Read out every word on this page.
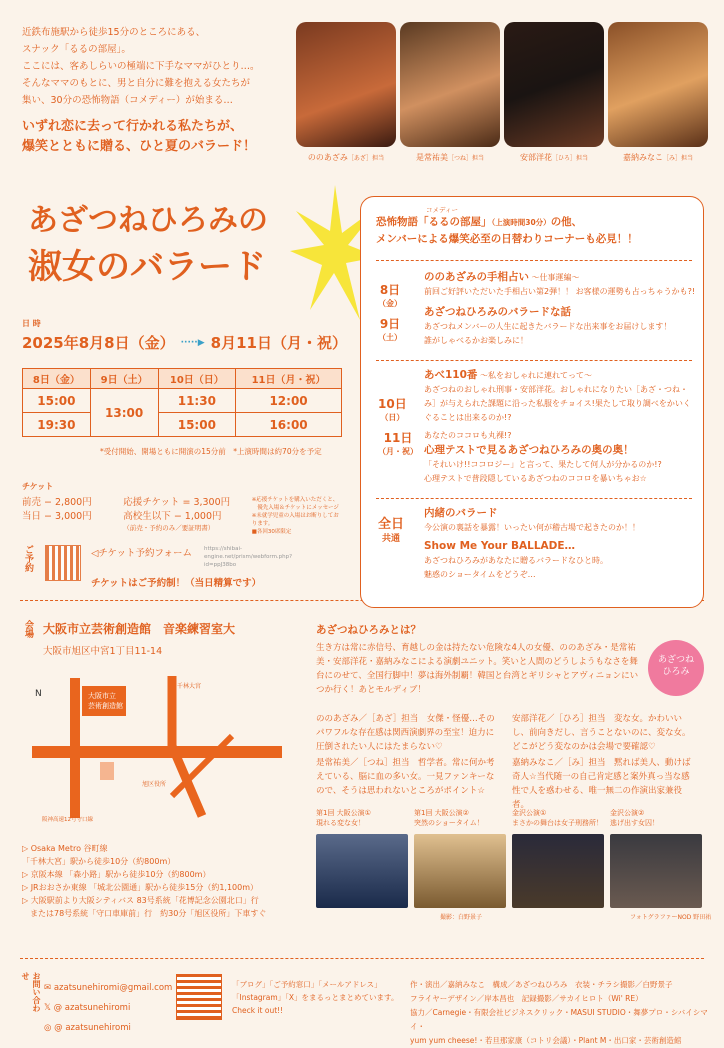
近鉄布施駅から徒歩15分のところにある、

スナック「るるの部屋」。

ここには、客あしらいの極端に下手なママがひとり…。

そんなママのもとに、男と自分に難を抱える女たちが

集い、30分の恐怖物語（コメディー）が始まる…

いずれ恋に去って行かれる私たちが、

爆笑とともに贈る、ひと夏のバラード！

ののあざみ［あざ］担当	是常祐美［つね］担当	安部洋花［ひろ］担当	嘉納みなこ［み］担当
あざつねひろみの
淑女のバラード
日 時
2025年8月8日（金） ·····▶ 8月11日（月・祝）
8日（金）	9日（土）	10日（日）	11日（月・祝）
15:00	13:00	11:30	12:00
19:30		15:00	16:00
*受付開始、開場ともに開演の15分前　*上演時間は約70分を予定
チケット
前売 − 2,800円
当日 − 3,000円
応援チケット = 3,300円
高校生以下 − 1,000円
（前売・予約のみ／要証明書）
※応援チケットを購入いただくと、
　優先入場＆チケットにメッセージ
※未就学児童の入場はお断りしております。
■各回30席限定
ご予約	◁チケット予約フォーム https://shibai-engine.net/prism/webform.php?id=ppJ38bo
チケットはご予約制！（当日精算です）
会場 大阪市立芸術創造館　 音楽練習室大
大阪市旭区中宮1丁目11-14
N	大阪市立
芸術創造館
千林大宮
旭区役所
阪神高速12号守口線
▷ Osaka Metro 谷町線
「千林大宮」駅から徒歩10分（約800m）
▷ 京阪本線 「森小路」駅から徒歩10分（約800m）
▷ JRおおさか東線 「城北公園通」駅から徒歩15分（約1,100m）
▷ 大阪駅前より大阪シティバス 83号系統「花博記念公園北口」行
　または78号系統「守口車庫前」行　約30分「旭区役所」下車すぐ
コメディー
恐怖物語「るるの部屋」（上演時間30分）の他、
メンバーによる爆笑必至の日替わりコーナーも必見！！
8日
（金）
9日
（土）
ののあざみの手相占い 〜仕事運編〜
前回ご好評いただいた手相占い第2弾！！ お客様の運勢も占っちゃうかも?!
あざつねひろみのバラードな話
あざつねメンバーの人生に起きたバラードな出来事をお届けします！
誰がしゃべるかお楽しみに！
10日
（日）
11日
（月・祝）
あべ110番 〜私をおしゃれに連れてって〜
あざつねのおしゃれ刑事・安部洋花。おしゃれになりたい［あざ・つね・み］が与えられた課題に沿った私服をチョイス!果たして取り調べをかいくぐることは出来るのか!?
あなたのココロも丸裸!?
心理テストで見るあざつねひろみの奥の奥！
「それいけ!!ココロジー」と言って、果たして何人が分かるのか!?
心理テストで普段隠しているあざつねのココロを暴いちゃお☆
全日
共通
内緒のバラード
今公演の裏話を暴露！いったい何が稽古場で起きたのか！！
Show Me Your BALLADE…
あざつねひろみがあなたに贈るバラードなひと時。
魅惑のショータイムをどうぞ…
あざつねひろみとは？
生き方は常に赤信号、育越しの金は持たない危険な4人の女優、ののあざみ・是常祐美・安部洋花・嘉納みなこによる演劇ユニット。笑いと人間のどうしようもなさを舞台にのせて、全国行脚中！夢は海外制覇！韓国と台湾とギリシャとアヴィニョンにいつか行く！あとモルディブ！
あざつね
ひろみ
ののあざみ／［あざ］担当　女傑・怪優…そのパワフルな存在感は関西演劇界の至宝！迫力に圧倒されたい人にはたまらない♡
安部洋花／［ひろ］担当　変な女。かわいいし、前向きだし、言うことないのに、変な女。どこがどう変なのかは会場で要確認♡
是常祐美／［つね］担当　哲学者。常に何か考えている、脳に血の多い女。一見ファンキーなので、そうは思われないところがポイント☆
嘉納みなこ／［み］担当　黙れば美人、動けば奇人☆当代随一の自己肯定感と案外真っ当な感性で人を惑わせる、唯一無二の作演出家兼役者。
第1回 大阪公演①
現れる変な女！
第1回 大阪公演②
突然のショータイム！
金沢公演①
まさかの舞台は女子刑務所！
金沢公演②
逃げ出す女囚！
撮影：白野景子	フォトグラファーNOD 野田祐
お問い合わせ
✉ azatsunehiromi@gmail.com
𝕏 @ azatsunehiromi
◎ @ azatsunehiromi
「ブログ」「ご予約窓口」「メールアドレス」「Instagram」「X」をまるっとまとめています。Check it out!!
作・演出／嘉納みなこ　構成／あざつねひろみ　衣装・チラシ撮影／白野景子
フライヤーデザイン／岸本昌也　記録撮影／サカイヒロト（Wi' RE）
協力／Carnegie・有限会社ビジネスクリック・MASUI STUDIO・舞夢プロ・シバイシマイ・
yum yum cheese!・若旦那家康（コトリ会議）・Plant M・出口家・芸術創造館
